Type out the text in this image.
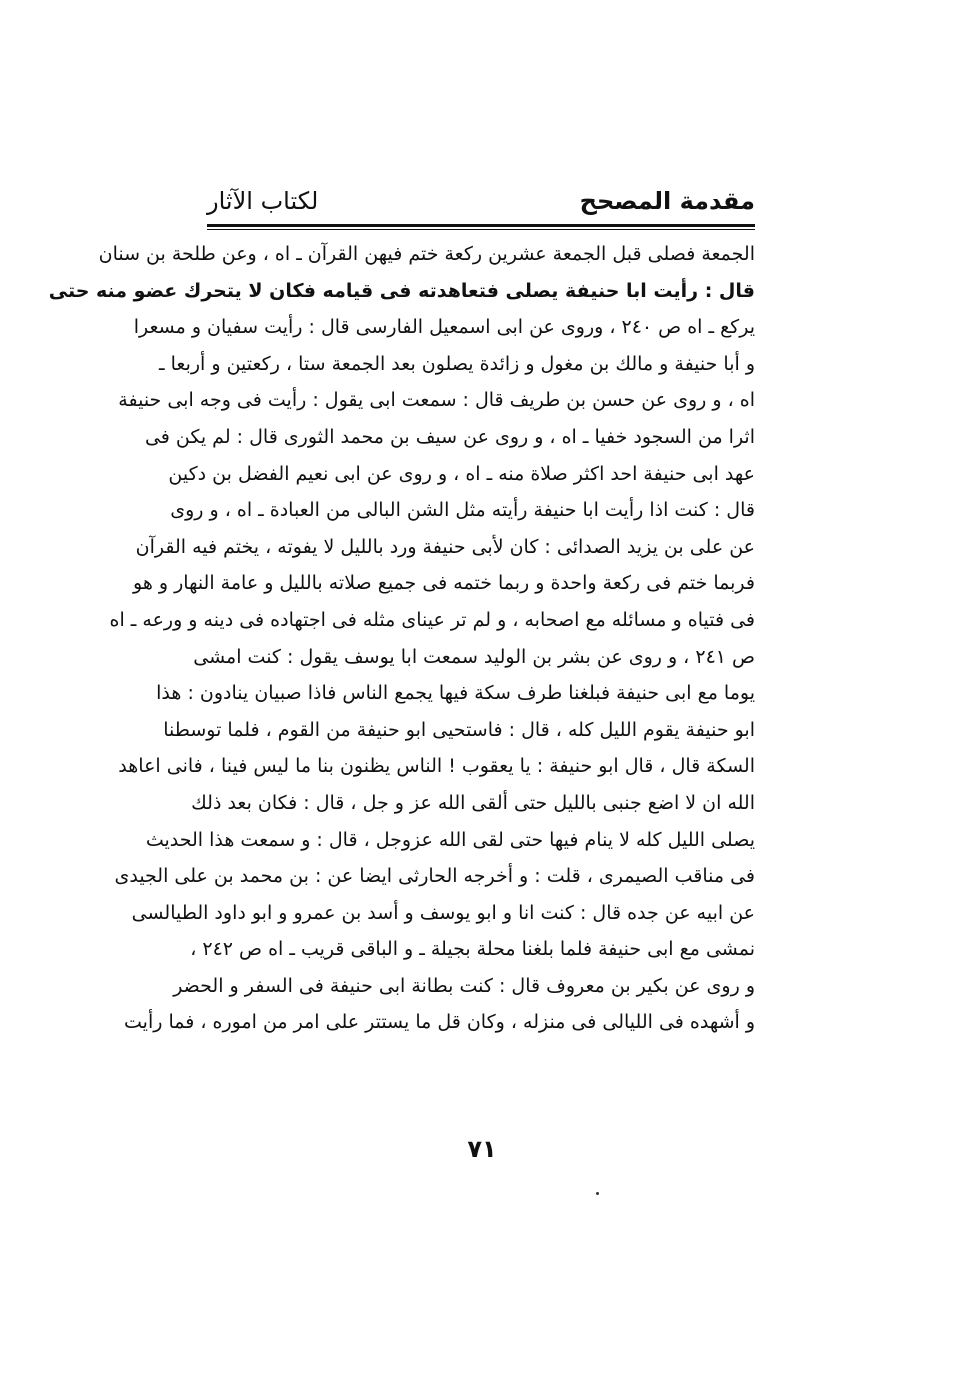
مقدمة المصحح
لكتاب الآثار
الجمعة فصلى قبل الجمعة عشرين ركعة ختم فيهن القرآن ـ اه ، وعن طلحة بن سنان
قال : رأيت ابا حنيفة يصلى فتعاهدته فى قيامه فكان لا يتحرك عضو منه حتى
يركع ـ اه ص ٢٤٠ ، وروى عن ابى اسمعيل الفارسى قال : رأيت سفيان و مسعرا
و أبا حنيفة و مالك بن مغول و زائدة يصلون بعد الجمعة ستا ، ركعتين و أربعا ـ
اه ، و روى عن حسن بن طريف قال : سمعت ابى يقول : رأيت فى وجه ابى حنيفة
اثرا من السجود خفيا ـ اه ، و روى عن سيف بن محمد الثورى قال : لم يكن فى
عهد ابى حنيفة احد اكثر صلاة منه ـ اه ، و روى عن ابى نعيم الفضل بن دكين
قال : كنت اذا رأيت ابا حنيفة رأيته مثل الشن البالى من العبادة ـ اه ، و روى
عن على بن يزيد الصدائى : كان لأبى حنيفة ورد بالليل لا يفوته ، يختم فيه القرآن
فربما ختم فى ركعة واحدة و ربما ختمه فى جميع صلاته بالليل و عامة النهار و هو
فى فتياه و مسائله مع اصحابه ، و لم تر عيناى مثله فى اجتهاده فى دينه و ورعه ـ اه
ص ٢٤١ ، و روى عن بشر بن الوليد سمعت ابا يوسف يقول : كنت امشى
يوما مع ابى حنيفة فبلغنا طرف سكة فيها يجمع الناس فاذا صبيان ينادون : هذا
ابو حنيفة يقوم الليل كله ، قال : فاستحيى ابو حنيفة من القوم ، فلما توسطنا
السكة قال ، قال ابو حنيفة : يا يعقوب ! الناس يظنون بنا ما ليس فينا ، فانى اعاهد
الله ان لا اضع جنبى بالليل حتى ألقى الله عز و جل ، قال : فكان بعد ذلك
يصلى الليل كله لا ينام فيها حتى لقى الله عزوجل ، قال : و سمعت هذا الحديث
فى مناقب الصيمرى ، قلت : و أخرجه الحارثى ايضا عن : بن محمد بن على الجيدى
عن ابيه عن جده قال : كنت انا و ابو يوسف و أسد بن عمرو و ابو داود الطيالسى
نمشى مع ابى حنيفة فلما بلغنا محلة بجيلة ـ و الباقى قريب ـ اه ص ٢٤٢ ،
و روى عن بكير بن معروف قال : كنت بطانة ابى حنيفة فى السفر و الحضر
و أشهده فى الليالى فى منزله ، وكان قل ما يستتر على امر من اموره ، فما رأيت
٧١
